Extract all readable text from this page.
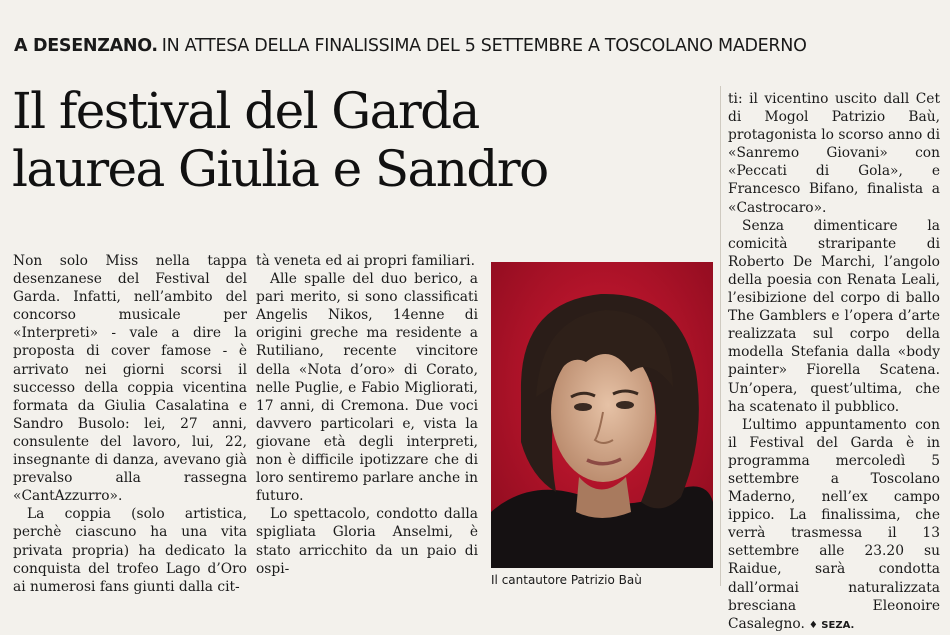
A DESENZANO. IN ATTESA DELLA FINALISSIMA DEL 5 SETTEMBRE A TOSCOLANO MADERNO
Il festival del Garda
laurea Giulia e Sandro

Non solo Miss nella tappa desenzanese del Festival del Garda. Infatti, nell’ambito del concorso musicale per «Interpreti» - vale a dire la proposta di cover famose - è arrivato nei giorni scorsi il successo della coppia vicentina formata da Giulia Casalatina e Sandro Busolo: lei, 27 anni, consulente del lavoro, lui, 22, insegnante di danza, avevano già prevalso alla rassegna «CantAzzurro».

La coppia (solo artistica, perchè ciascuno ha una vita privata propria) ha dedicato la conquista del trofeo Lago d’Oro ai numerosi fans giunti dalla cit-

tà veneta ed ai propri familiari.

Alle spalle del duo berico, a pari merito, si sono classificati Angelis Nikos, 14enne di origini greche ma residente a Rutiliano, recente vincitore della «Nota d’oro» di Corato, nelle Puglie, e Fabio Migliorati, 17 anni, di Cremona. Due voci davvero particolari e, vista la giovane età degli interpreti, non è difficile ipotizzare che di loro sentiremo parlare anche in futuro.

Lo spettacolo, condotto dalla spigliata Gloria Anselmi, è stato arricchito da un paio di ospi-

Il cantautore Patrizio Baù

ti: il vicentino uscito dall Cet di Mogol Patrizio Baù, protagonista lo scorso anno di «Sanremo Giovani» con «Peccati di Gola», e Francesco Bifano, finalista a «Castrocaro».

Senza dimenticare la comicità straripante di Roberto De Marchi, l’angolo della poesia con Renata Leali, l’esibizione del corpo di ballo The Gamblers e l’opera d’arte realizzata sul corpo della modella Stefania dalla «body painter» Fiorella Scatena. Un’opera, quest’ultima, che ha scatenato il pubblico.

L’ultimo appuntamento con il Festival del Garda è in programma mercoledì 5 settembre a Toscolano Maderno, nell’ex campo ippico. La finalissima, che verrà trasmessa il 13 settembre alle 23.20 su Raidue, sarà condotta dall’ormai naturalizzata bresciana Eleonoire Casalegno. ♦ SEZA.
